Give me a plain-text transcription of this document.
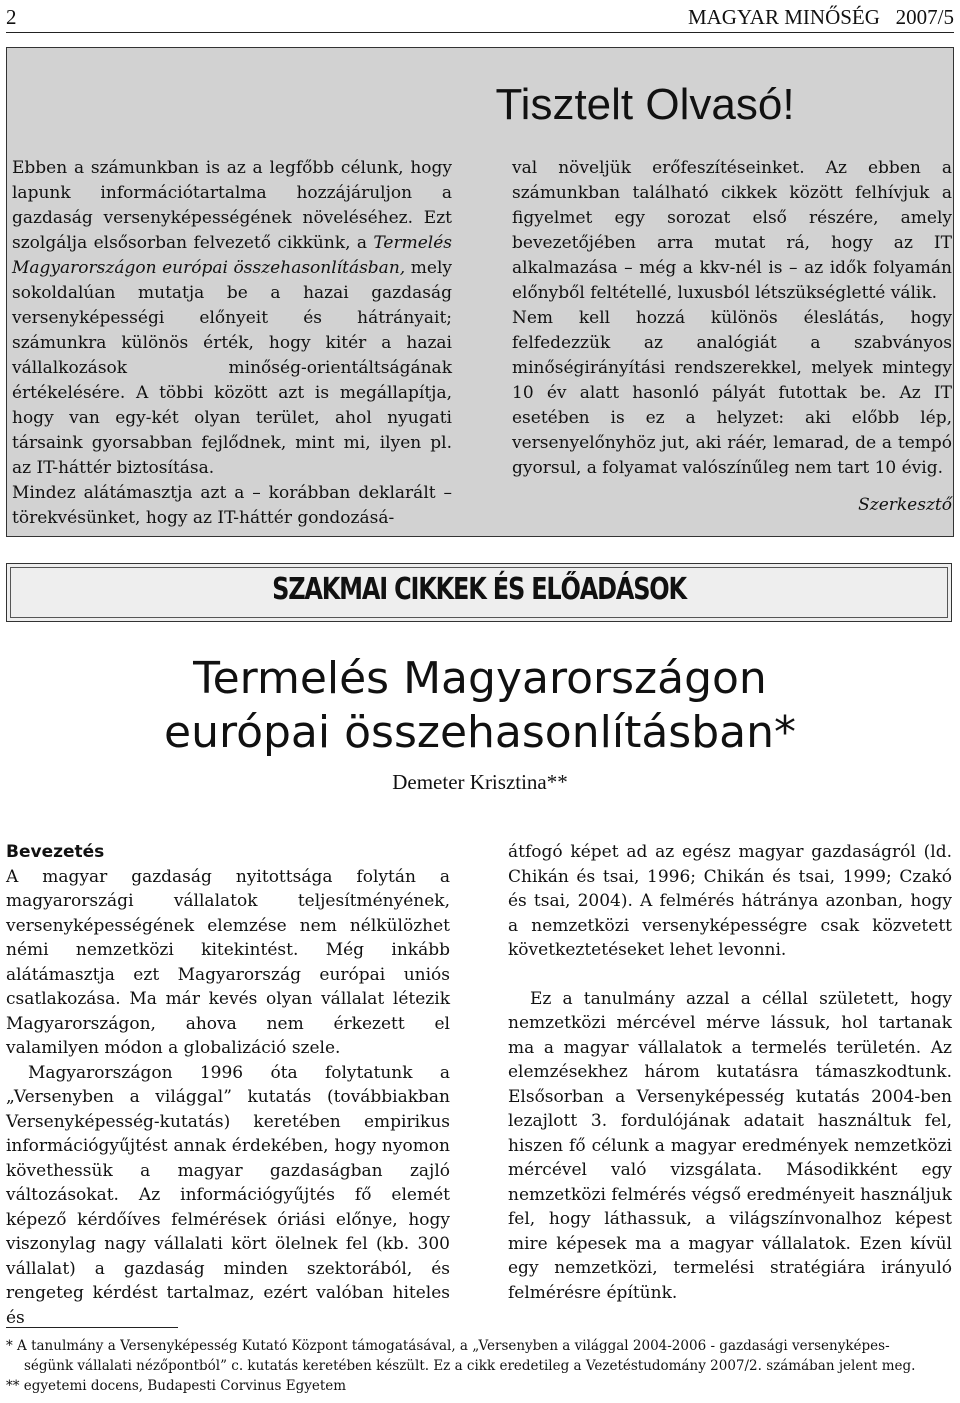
2	MAGYAR MINŐSÉG   2007/5
Tisztelt Olvasó!

Ebben a számunkban is az a legfőbb célunk, hogy lapunk információtartalma hozzájáruljon a gazdaság versenyképességének növeléséhez. Ezt szolgálja elsősorban felvezető cikkünk, a Termelés Magyarországon európai összehasonlításban, mely sokoldalúan mutatja be a hazai gazdaság versenyképességi előnyeit és hátrányait; számunkra különös érték, hogy kitér a hazai vállalkozások minőség-orientáltságának értékelésére. A többi között azt is megállapítja, hogy van egy-két olyan terület, ahol nyugati társaink gyorsabban fejlődnek, mint mi, ilyen pl. az IT-háttér biztosítása.

Mindez alátámasztja azt a – korábban deklarált – törekvésünket, hogy az IT-háttér gondozásá-

val növeljük erőfeszítéseinket. Az ebben a számunkban található cikkek között felhívjuk a figyelmet egy sorozat első részére, amely bevezetőjében arra mutat rá, hogy az IT alkalmazása – még a kkv-nél is – az idők folyamán előnyből feltétellé, luxusból létszükségletté válik.

Nem kell hozzá különös éleslátás, hogy felfedezzük az analógiát a szabványos minőségirányítási rendszerekkel, melyek mintegy 10 év alatt hasonló pályát futottak be. Az IT esetében is ez a helyzet: aki előbb lép, versenyelőnyhöz jut, aki ráér, lemarad, de a tempó gyorsul, a folyamat valószínűleg nem tart 10 évig.

Szerkesztő

SZAKMAI CIKKEK ÉS ELŐADÁSOK
Termelés Magyarországon
európai összehasonlításban*
Demeter Krisztina**

Bevezetés

A magyar gazdaság nyitottsága folytán a magyarországi vállalatok teljesítményének, versenyképességének elemzése nem nélkülözhet némi nemzetközi kitekintést. Még inkább alátámasztja ezt Magyarország európai uniós csatlakozása. Ma már kevés olyan vállalat létezik Magyarországon, ahova nem érkezett el valamilyen módon a globalizáció szele.

Magyarországon 1996 óta folytatunk a „Versenyben a világgal” kutatás (továbbiakban Versenyképesség-kutatás) keretében empirikus információgyűjtést annak érdekében, hogy nyomon követhessük a magyar gazdaságban zajló változásokat. Az információgyűjtés fő elemét képező kérdőíves felmérések óriási előnye, hogy viszonylag nagy vállalati kört ölelnek fel (kb. 300 vállalat) a gazdaság minden szektorából, és rengeteg kérdést tartalmaz, ezért valóban hiteles és

átfogó képet ad az egész magyar gazdaságról (ld. Chikán és tsai, 1996; Chikán és tsai, 1999; Czakó és tsai, 2004). A felmérés hátránya azonban, hogy a nemzetközi versenyképességre csak közvetett következtetéseket lehet levonni.

Ez a tanulmány azzal a céllal született, hogy nemzetközi mércével mérve lássuk, hol tartanak ma a magyar vállalatok a termelés területén. Az elemzésekhez három kutatásra támaszkodtunk. Elsősorban a Versenyképesség kutatás 2004-ben lezajlott 3. fordulójának adatait használtuk fel, hiszen fő célunk a magyar eredmények nemzetközi mércével való vizsgálata. Másodikként egy nemzetközi felmérés végső eredményeit használjuk fel, hogy láthassuk, a világszínvonalhoz képest mire képesek ma a magyar vállalatok. Ezen kívül egy nemzetközi, termelési stratégiára irányuló felmérésre építünk.

* A tanulmány a Versenyképesség Kutató Központ támogatásával, a „Versenyben a világgal 2004-2006 - gazdasági versenyképes-

ségünk vállalati nézőpontból” c. kutatás keretében készült. Ez a cikk eredetileg a Vezetéstudomány 2007/2. számában jelent meg.

** egyetemi docens, Budapesti Corvinus Egyetem
